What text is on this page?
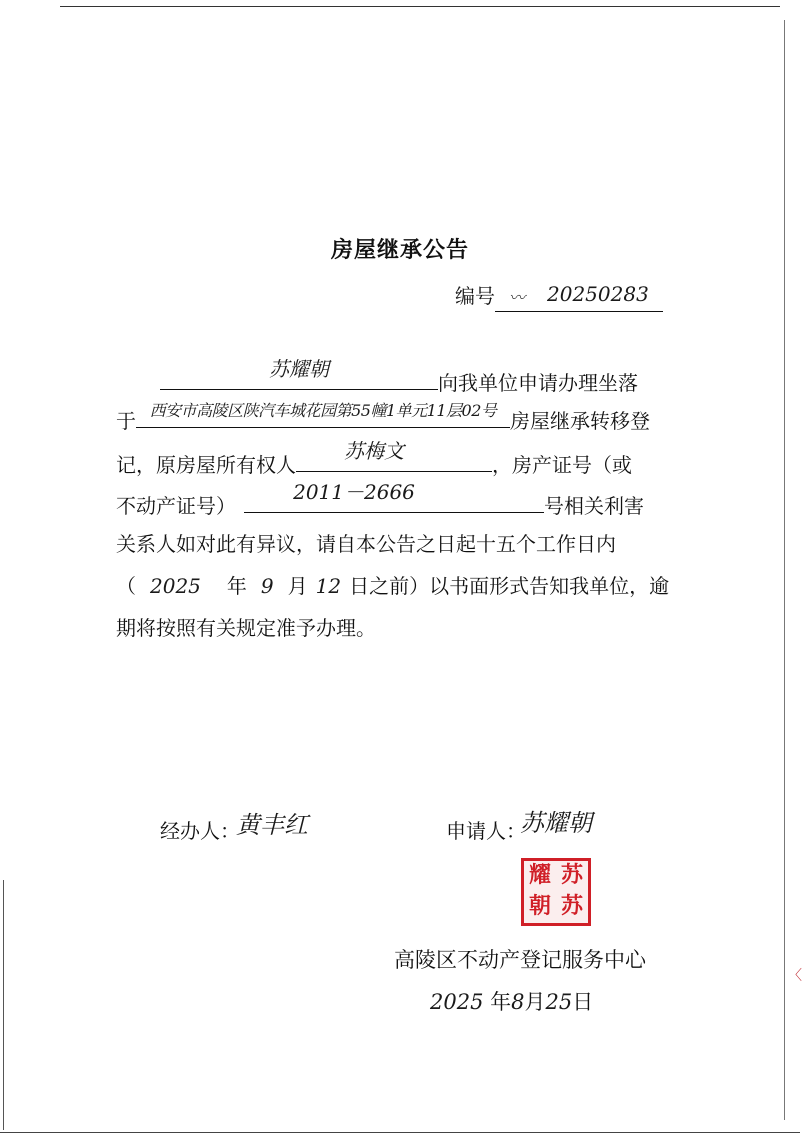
〈
房屋继承公告
编号 〰 20250283
苏耀朝
向我单位申请办理坐落
于 西安市高陵区陕汽车城花园第55幢1单元11层02号 房屋继承转移登
记，原房屋所有权人
苏梅文
，房产证号（或
不动产证号）
2011－2666
号相关利害
关系人如对此有异议，请自本公告之日起十五个工作日内
（ 2025 年 9 月 12 日之前）以书面形式告知我单位，逾
期将按照有关规定准予办理。
经办人：
黄丰红	申请人：
苏耀朝
耀 苏
朝 苏
高陵区不动产登记服务中心
2025 年8月25日
